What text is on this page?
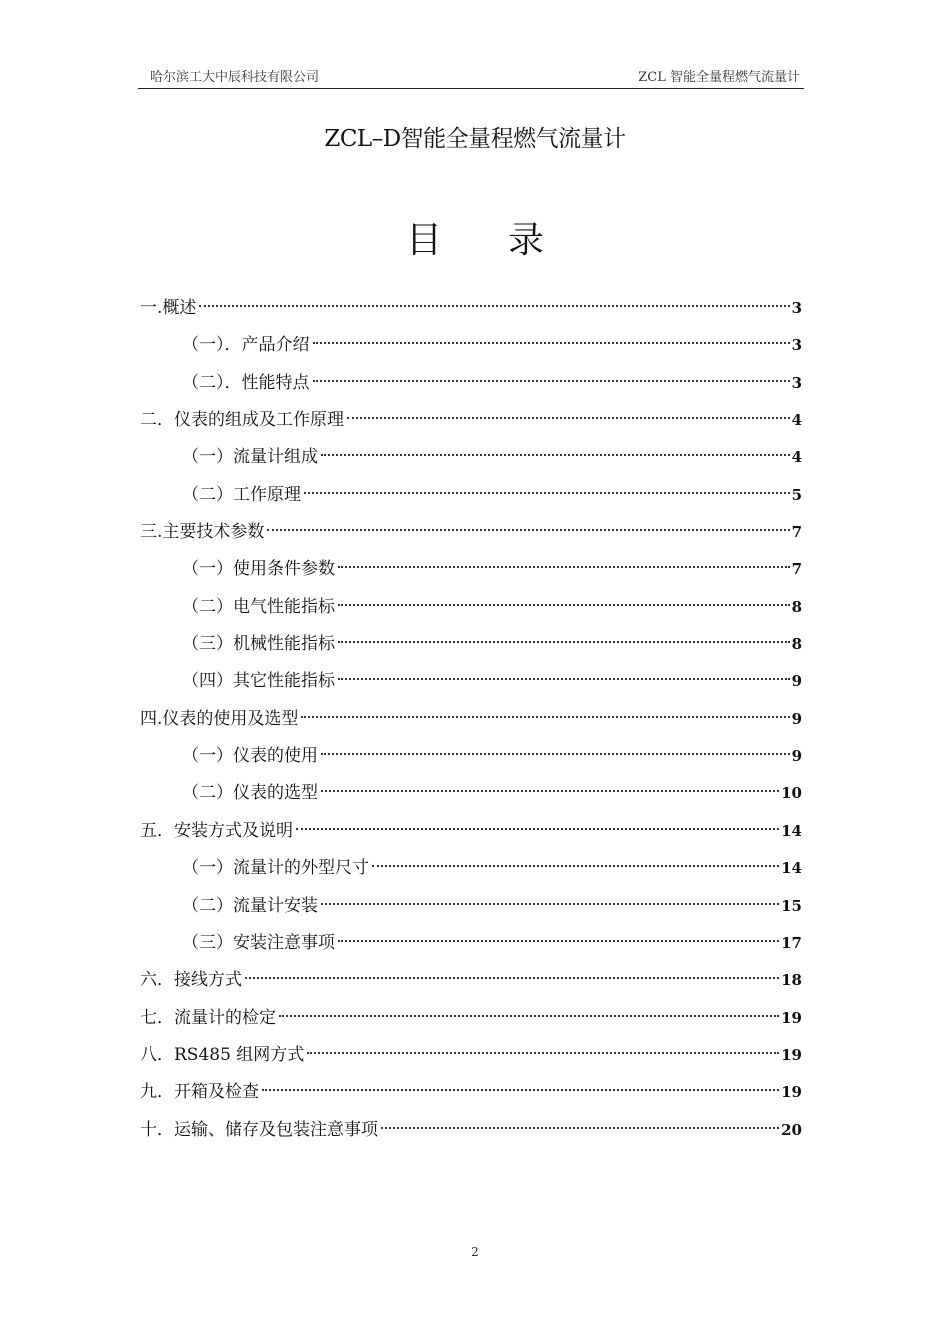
哈尔滨工大中辰科技有限公司	ZCL 智能全量程燃气流量计
ZCL–D智能全量程燃气流量计
目 录
一.概述	3
（一）．产品介绍	3
（二）．性能特点	3
二．仪表的组成及工作原理	4
（一）流量计组成	4
（二）工作原理	5
三.主要技术参数	7
（一）使用条件参数	7
（二）电气性能指标	8
（三）机械性能指标	8
（四）其它性能指标	9
四.仪表的使用及选型	9
（一）仪表的使用	9
（二）仪表的选型	10
五．安装方式及说明	14
（一）流量计的外型尺寸	14
（二）流量计安装	15
（三）安装注意事项	17
六．接线方式	18
七．流量计的检定	19
八．RS485 组网方式	19
九．开箱及检查	19
十．运输、储存及包装注意事项	20
2
